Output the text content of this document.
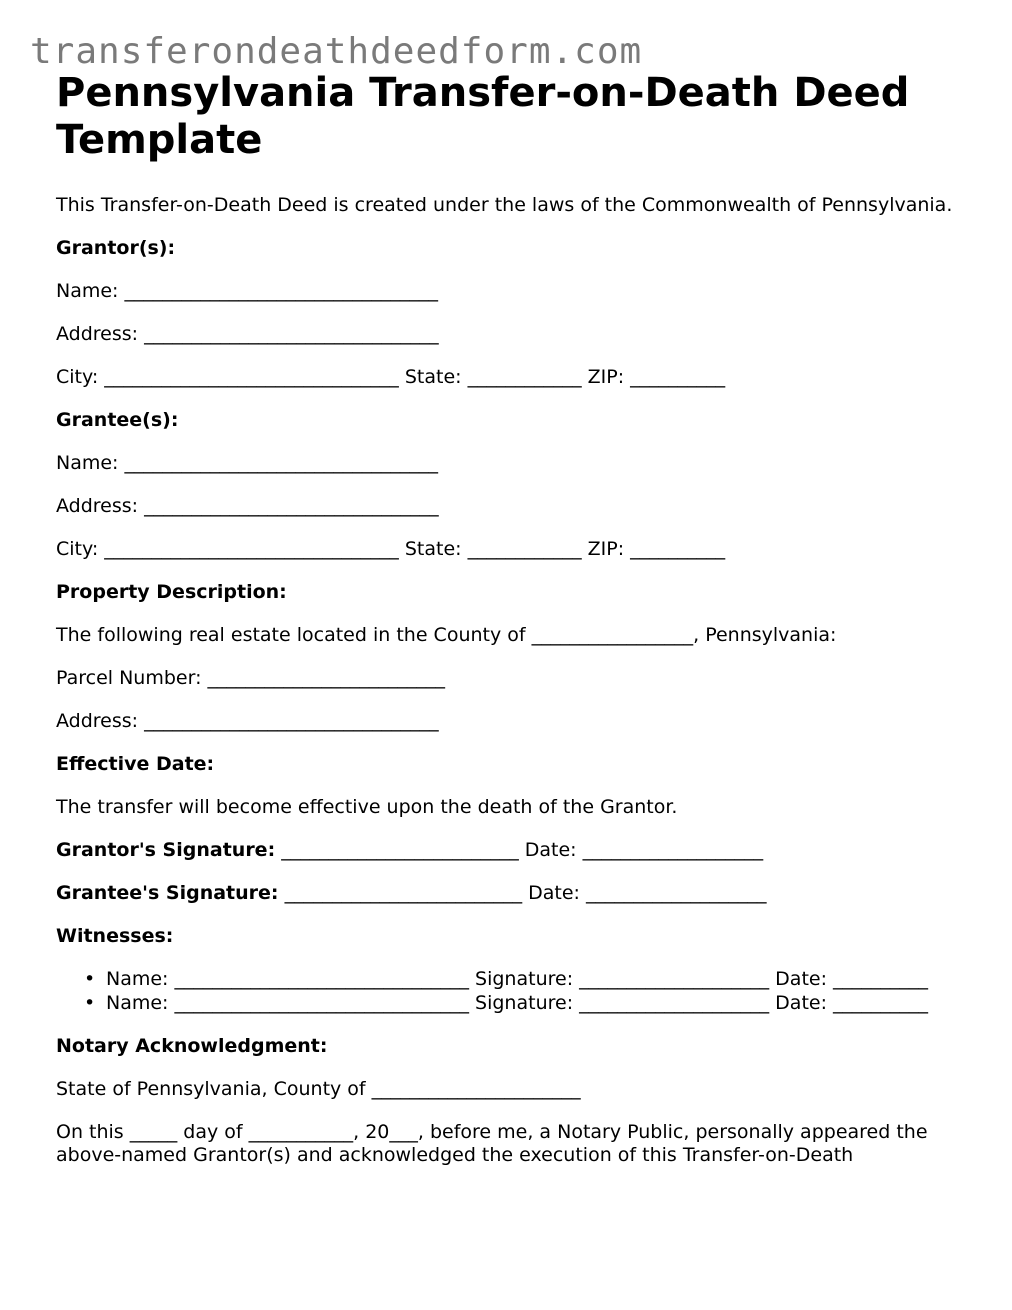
transferondeathdeedform.com
Pennsylvania Transfer-on-Death Deed Template

This Transfer-on-Death Deed is created under the laws of the Commonwealth of Pennsylvania.

Grantor(s):

Name: _________________________________

Address: _______________________________

City: _______________________________ State: ____________ ZIP: __________

Grantee(s):

Name: _________________________________

Address: _______________________________

City: _______________________________ State: ____________ ZIP: __________

Property Description:

The following real estate located in the County of _________________, Pennsylvania:

Parcel Number: _________________________

Address: _______________________________

Effective Date:

The transfer will become effective upon the death of the Grantor.

Grantor's Signature: _________________________ Date: ___________________

Grantee's Signature: _________________________ Date: ___________________

Witnesses:

• Name: _______________________________ Signature: ____________________ Date: __________
• Name: _______________________________ Signature: ____________________ Date: __________

Notary Acknowledgment:

State of Pennsylvania, County of ______________________

On this _____ day of ___________, 20___, before me, a Notary Public, personally appeared the above-named Grantor(s) and acknowledged the execution of this Transfer-on-Death
